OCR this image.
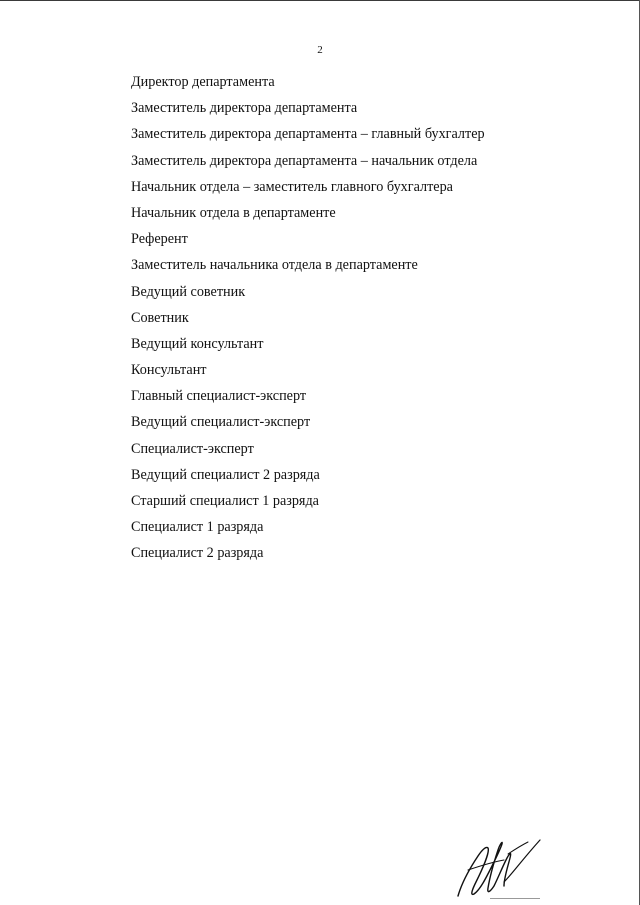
2
Директор департамента
Заместитель директора департамента
Заместитель директора департамента – главный бухгалтер
Заместитель директора департамента – начальник отдела
Начальник отдела – заместитель главного бухгалтера
Начальник отдела в департаменте
Референт
Заместитель начальника отдела в департаменте
Ведущий советник
Советник
Ведущий консультант
Консультант
Главный специалист-эксперт
Ведущий специалист-эксперт
Специалист-эксперт
Ведущий специалист 2 разряда
Старший специалист 1 разряда
Специалист 1 разряда
Специалист 2 разряда
